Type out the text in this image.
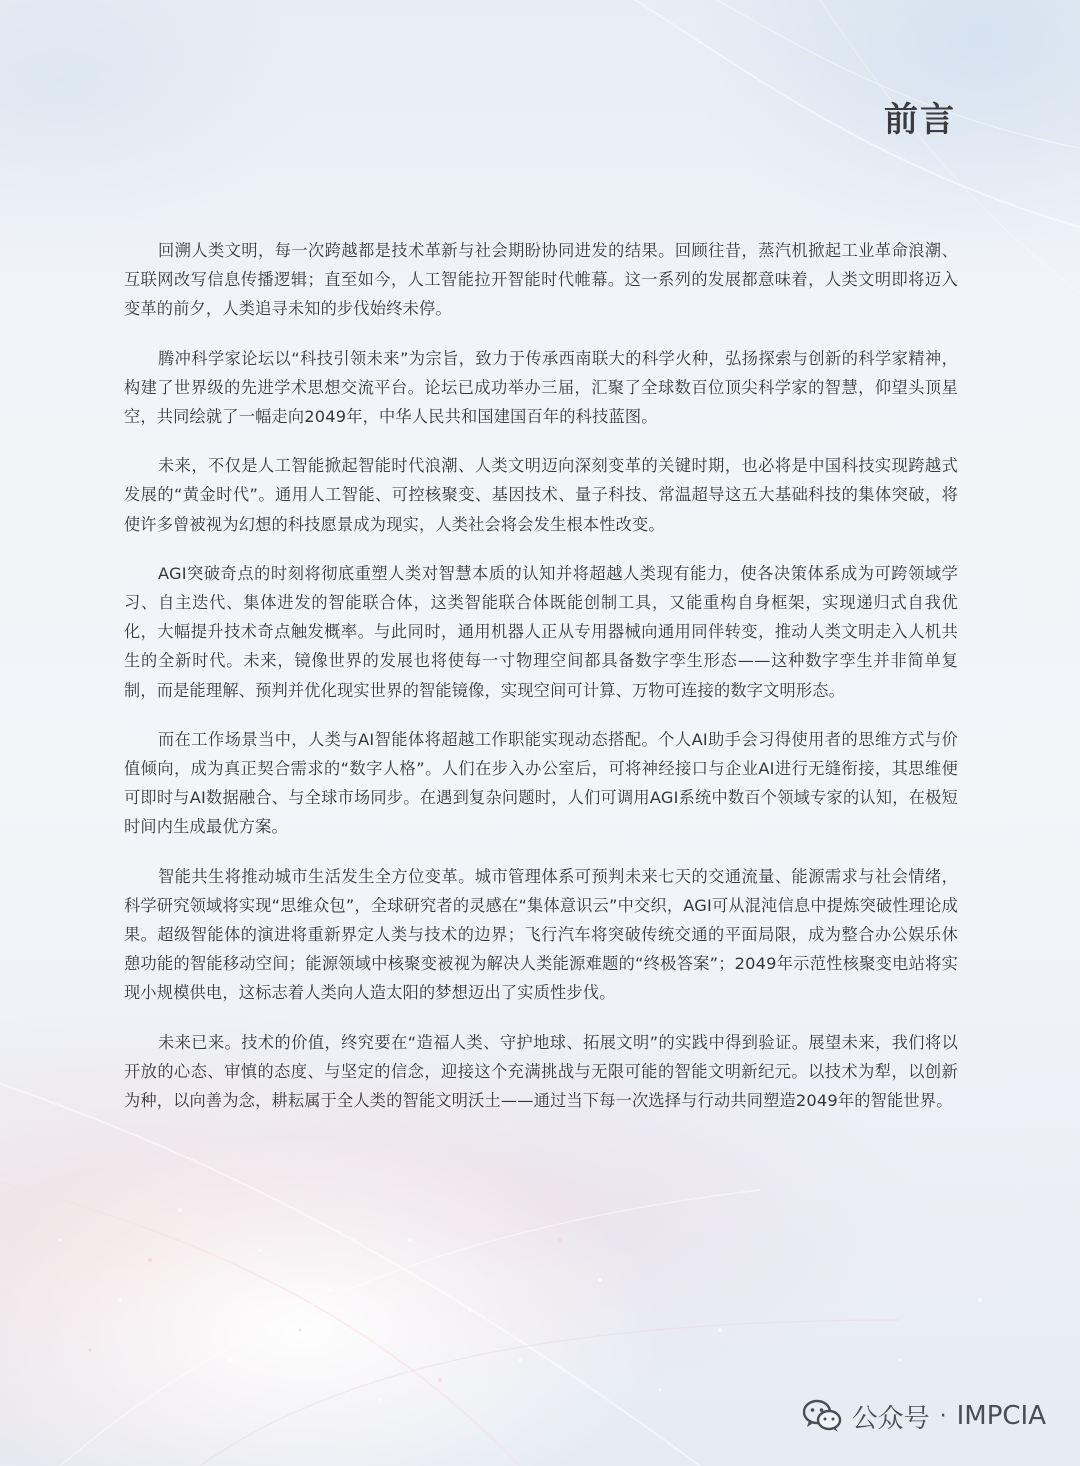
前言

回溯人类文明，每一次跨越都是技术革新与社会期盼协同进发的结果。回顾往昔，蒸汽机掀起工业革命浪潮、互联网改写信息传播逻辑；直至如今，人工智能拉开智能时代帷幕。这一系列的发展都意味着，人类文明即将迈入变革的前夕，人类追寻未知的步伐始终未停。

腾冲科学家论坛以“科技引领未来”为宗旨，致力于传承西南联大的科学火种，弘扬探索与创新的科学家精神，构建了世界级的先进学术思想交流平台。论坛已成功举办三届，汇聚了全球数百位顶尖科学家的智慧，仰望头顶星空，共同绘就了一幅走向2049年，中华人民共和国建国百年的科技蓝图。

未来，不仅是人工智能掀起智能时代浪潮、人类文明迈向深刻变革的关键时期，也必将是中国科技实现跨越式发展的“黄金时代”。通用人工智能、可控核聚变、基因技术、量子科技、常温超导这五大基础科技的集体突破，将使许多曾被视为幻想的科技愿景成为现实，人类社会将会发生根本性改变。

AGI突破奇点的时刻将彻底重塑人类对智慧本质的认知并将超越人类现有能力，使各决策体系成为可跨领域学习、自主迭代、集体进发的智能联合体，这类智能联合体既能创制工具，又能重构自身框架，实现递归式自我优化，大幅提升技术奇点触发概率。与此同时，通用机器人正从专用器械向通用同伴转变，推动人类文明走入人机共生的全新时代。未来，镜像世界的发展也将使每一寸物理空间都具备数字孪生形态——这种数字孪生并非简单复制，而是能理解、预判并优化现实世界的智能镜像，实现空间可计算、万物可连接的数字文明形态。

而在工作场景当中，人类与AI智能体将超越工作职能实现动态搭配。个人AI助手会习得使用者的思维方式与价值倾向，成为真正契合需求的“数字人格”。人们在步入办公室后，可将神经接口与企业AI进行无缝衔接，其思维便可即时与AI数据融合、与全球市场同步。在遇到复杂问题时，人们可调用AGI系统中数百个领域专家的认知，在极短时间内生成最优方案。

智能共生将推动城市生活发生全方位变革。城市管理体系可预判未来七天的交通流量、能源需求与社会情绪，科学研究领域将实现“思维众包”，全球研究者的灵感在“集体意识云”中交织，AGI可从混沌信息中提炼突破性理论成果。超级智能体的演进将重新界定人类与技术的边界；飞行汽车将突破传统交通的平面局限，成为整合办公娱乐休憩功能的智能移动空间；能源领域中核聚变被视为解决人类能源难题的“终极答案”；2049年示范性核聚变电站将实现小规模供电，这标志着人类向人造太阳的梦想迈出了实质性步伐。

未来已来。技术的价值，终究要在“造福人类、守护地球、拓展文明”的实践中得到验证。展望未来，我们将以开放的心态、审慎的态度、与坚定的信念，迎接这个充满挑战与无限可能的智能文明新纪元。以技术为犁，以创新为种，以向善为念，耕耘属于全人类的智能文明沃土——通过当下每一次选择与行动共同塑造2049年的智能世界。

公众号 · IMPCIA
